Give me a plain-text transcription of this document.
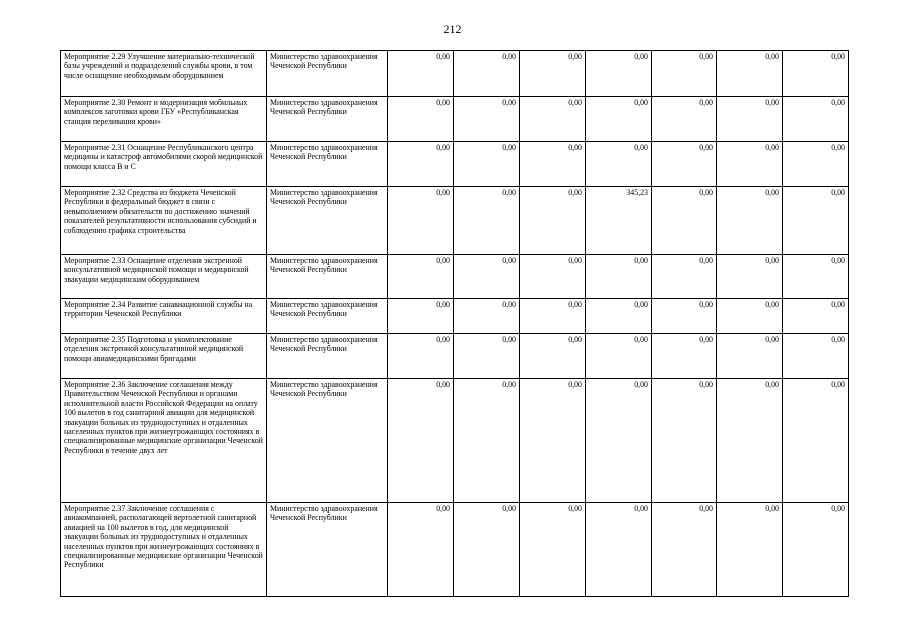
212
Мероприятие 2.29 Улучшение материально-технической базы учреждений и подразделений службы крови, в том числе оснащение необходимым оборудованием	Министерство здравоохранения Чеченской Республики	0,00	0,00	0,00	0,00	0,00	0,00	0,00
Мероприятие 2.30 Ремонт и модернизация мобильных комплексов заготовки крови ГБУ «Республиканская станция переливания крови»	Министерство здравоохранения Чеченской Республики	0,00	0,00	0,00	0,00	0,00	0,00	0,00
Мероприятие 2.31 Оснащение Республиканского центра медицины и катастроф автомобилями скорой медицинской помощи класса В и С	Министерство здравоохранения Чеченской Республики	0,00	0,00	0,00	0,00	0,00	0,00	0,00
Мероприятие 2.32 Средства из бюджета Чеченской Республики в федеральный бюджет в связи с невыполнением обязательств по достижению значений показателей результативности использования субсидий и соблюдению графика строительства	Министерство здравоохранения Чеченской Республики	0,00	0,00	0,00	345,23	0,00	0,00	0,00
Мероприятие 2.33 Оснащение отделения экстренной консультативной медицинской помощи и медицинской эвакуации медицинским оборудованием	Министерство здравоохранения Чеченской Республики	0,00	0,00	0,00	0,00	0,00	0,00	0,00
Мероприятие 2.34 Развитие санавиационной службы на территории Чеченской Республики	Министерство здравоохранения Чеченской Республики	0,00	0,00	0,00	0,00	0,00	0,00	0,00
Мероприятие 2.35 Подготовка и укомплектование отделения экстренной консультативной медицинской помощи авиамедицинскими бригадами	Министерство здравоохранения Чеченской Республики	0,00	0,00	0,00	0,00	0,00	0,00	0,00
Мероприятие 2.36 Заключение соглашения между Правительством Чеченской Республики и органами исполнительной власти Российской Федерации на оплату 100 вылетов в год санитарной авиации для медицинской эвакуации больных из труднодоступных и отдаленных населенных пунктов при жизнеугрожающих состояниях в специализированные медицинские организации Чеченской Республики в течение двух лет	Министерство здравоохранения Чеченской Республики	0,00	0,00	0,00	0,00	0,00	0,00	0,00
Мероприятие 2.37 Заключение соглашения с авиакомпанией, располагающей вертолетной санитарной авиацией на 100 вылетов в год, для медицинской эвакуации больных из труднодоступных и отдаленных населенных пунктов при жизнеугрожающих состояниях в специализированные медицинские организации Чеченской Республики	Министерство здравоохранения Чеченской Республики	0,00	0,00	0,00	0,00	0,00	0,00	0,00
